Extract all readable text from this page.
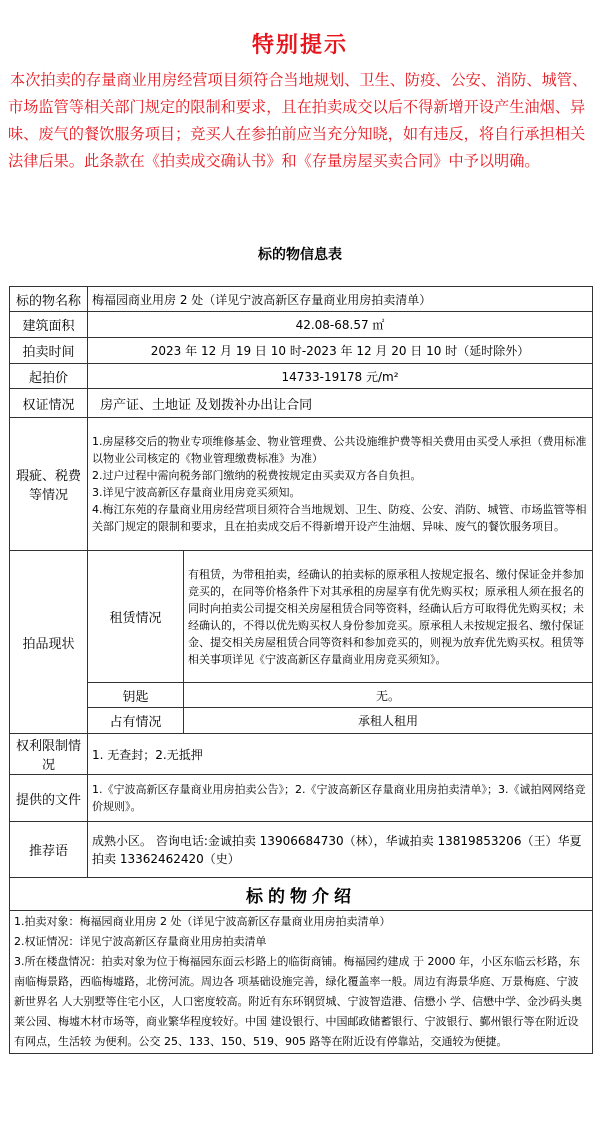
特别提示
本次拍卖的存量商业用房经营项目须符合当地规划、卫生、防疫、公安、消防、城管、市场监管等相关部门规定的限制和要求，且在拍卖成交以后不得新增开设产生油烟、异味、废气的餐饮服务项目；竞买人在参拍前应当充分知晓，如有违反，将自行承担相关法律后果。此条款在《拍卖成交确认书》和《存量房屋买卖合同》中予以明确。
标的物信息表
标的物名称	梅福园商业用房 2 处（详见宁波高新区存量商业用房拍卖清单）	
建筑面积	42.08-68.57 ㎡	
拍卖时间	2023 年 12 月 19 日 10 时-2023 年 12 月 20 日 10 时（延时除外）	
起拍价	14733-19178 元/m²	
权证情况	房产证、土地证 及划拨补办出让合同	
瑕疵、税费等情况	1.房屋移交后的物业专项维修基金、物业管理费、公共设施维护费等相关费用由买受人承担（费用标准以物业公司核定的《物业管理缴费标准》为准）
2.过户过程中需向税务部门缴纳的税费按规定由买卖双方各自负担。
3.详见宁波高新区存量商业用房竞买须知。
4.梅江东苑的存量商业用房经营项目须符合当地规划、卫生、防疫、公安、消防、城管、市场监管等相关部门规定的限制和要求，且在拍卖成交后不得新增开设产生油烟、异味、废气的餐饮服务项目。	

拍品现状	租赁情况	有租赁，为带租拍卖，经确认的拍卖标的原承租人按规定报名、缴付保证金并参加竞买的，在同等价格条件下对其承租的房屋享有优先购买权；原承租人须在报名的同时向拍卖公司提交相关房屋租赁合同等资料，经确认后方可取得优先购买权；未经确认的，不得以优先购买权人身份参加竞买。原承租人未按规定报名、缴付保证金、提交相关房屋租赁合同等资料和参加竞买的，则视为放弃优先购买权。租赁等相关事项详见《宁波高新区存量商业用房竞买须知》。
	钥匙	无。
	占有情况	承租人租用
权利限制情况	1. 无查封；2.无抵押	
提供的文件	1.《宁波高新区存量商业用房拍卖公告》；2.《宁波高新区存量商业用房拍卖清单》；3.《诚拍网网络竞价规则》。	
推荐语	成熟小区。 咨询电话:金诚拍卖 13906684730（林），华诚拍卖 13819853206（王）华夏拍卖 13362462420（史）	
标的物介绍		

1.拍卖对象：梅福园商业用房 2 处（详见宁波高新区存量商业用房拍卖清单）

2.权证情况：详见宁波高新区存量商业用房拍卖清单

3.所在楼盘情况：拍卖对象为位于梅福园东面云杉路上的临街商铺。梅福园约建成 于 2000 年，小区东临云杉路，东南临梅景路，西临梅墟路，北傍河流。周边各 项基础设施完善，绿化覆盖率一般。周边有海景华庭、万景梅庭、宁波新世界名 人大别墅等住宅小区，人口密度较高。附近有东环钢贸城、宁波智造港、信懋小 学、信懋中学、金沙码头奥莱公园、梅墟木材市场等，商业繁华程度较好。中国 建设银行、中国邮政储蓄银行、宁波银行、鄞州银行等在附近设有网点，生活较 为便利。公交 25、133、150、519、905 路等在附近设有停靠站，交通较为便捷。		
